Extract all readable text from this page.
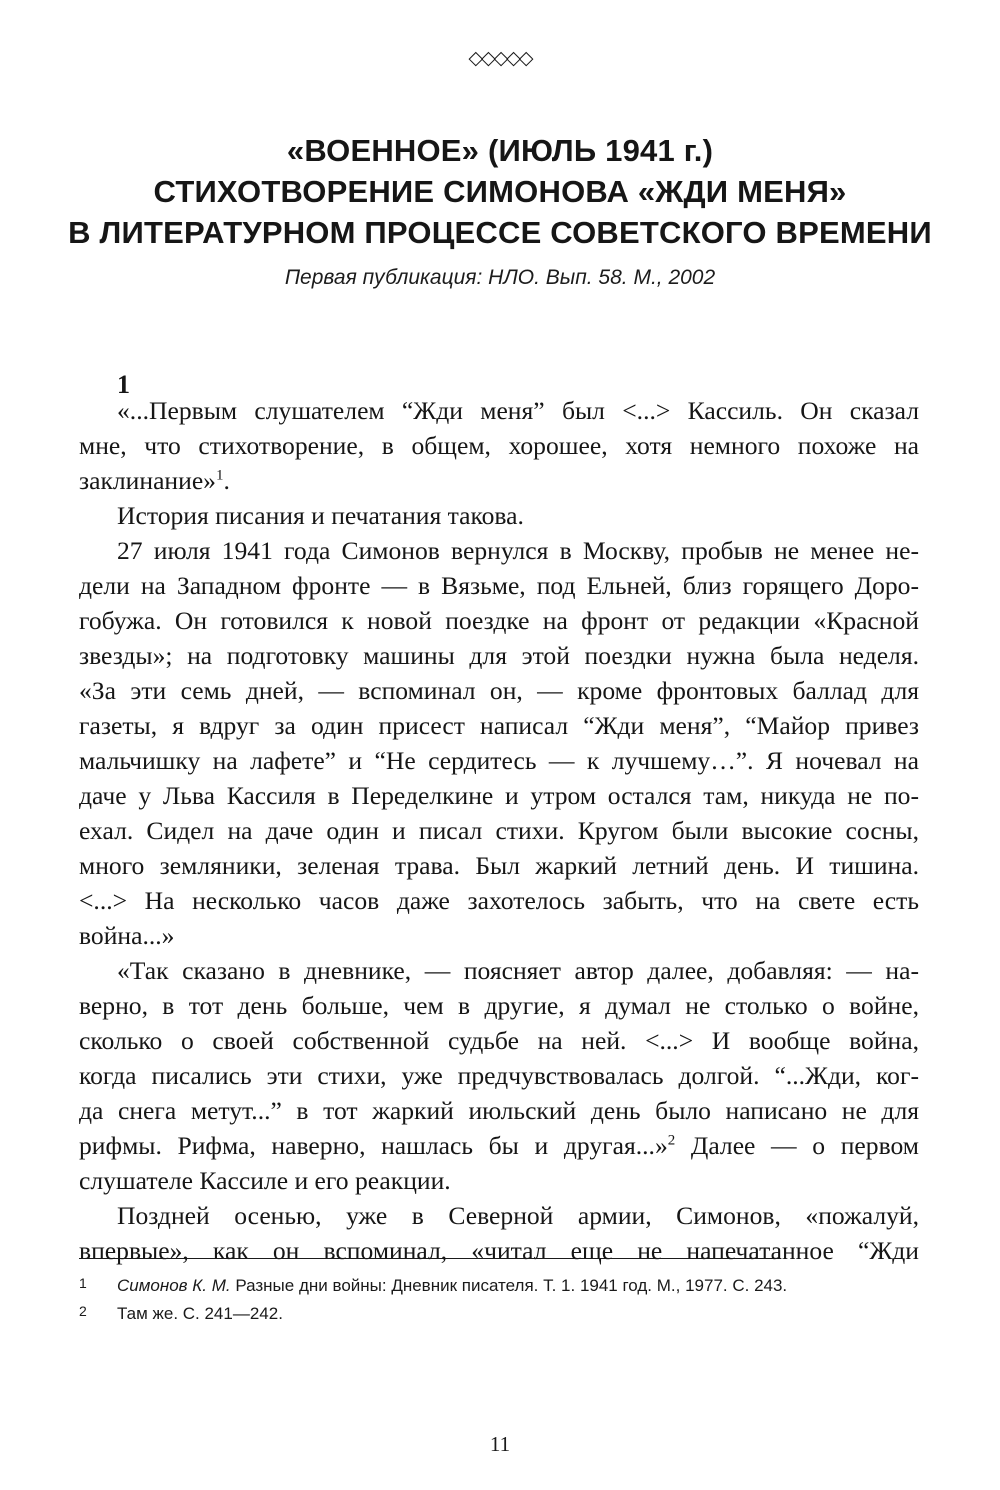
◇◇◇◇◇
«ВОЕННОЕ» (ИЮЛЬ 1941 г.)
СТИХОТВОРЕНИЕ СИМОНОВА «ЖДИ МЕНЯ»
В ЛИТЕРАТУРНОМ ПРОЦЕССЕ СОВЕТСКОГО ВРЕМЕНИ
Первая публикация: НЛО. Вып. 58. М., 2002
1
«...Первым слушателем “Жди меня” был <...> Кассиль. Он сказал
мне, что стихотворение, в общем, хорошее, хотя немного похоже на
заклинание»$^1$.
История писания и печатания такова.
27 июля 1941 года Симонов вернулся в Москву, пробыв не менее не-
дели на Западном фронте — в Вязьме, под Ельней, близ горящего Доро-
гобужа. Он готовился к новой поездке на фронт от редакции «Красной
звезды»; на подготовку машины для этой поездки нужна была неделя.
«За эти семь дней, — вспоминал он, — кроме фронтовых баллад для
газеты, я вдруг за один присест написал “Жди меня”, “Майор привез
мальчишку на лафете” и “Не сердитесь — к лучшему…”. Я ночевал на
даче у Льва Кассиля в Переделкине и утром остался там, никуда не по-
ехал. Сидел на даче один и писал стихи. Кругом были высокие сосны,
много земляники, зеленая трава. Был жаркий летний день. И тишина.
<...> На несколько часов даже захотелось забыть, что на свете есть
война...»
«Так сказано в дневнике, — поясняет автор далее, добавляя: — на-
верно, в тот день больше, чем в другие, я думал не столько о войне,
сколько о своей собственной судьбе на ней. <...> И вообще война,
когда писались эти стихи, уже предчувствовалась долгой. “...Жди, ког-
да снега метут...” в тот жаркий июльский день было написано не для
рифмы. Рифма, наверно, нашлась бы и другая...»$^2$ Далее — о первом
слушателе Кассиле и его реакции.
Поздней осенью, уже в Северной армии, Симонов, «пожалуй,
впервые», как он вспоминал, «читал еще не напечатанное “Жди
1	Симонов К. М. Разные дни войны: Дневник писателя. Т. 1. 1941 год. М., 1977. С. 243.
2	Там же. С. 241—242.
11
